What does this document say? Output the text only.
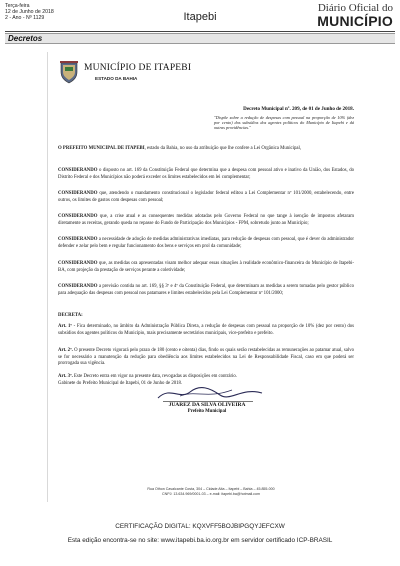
Terça-feira
12 de Junho de 2018
2 - Ano - Nº 1129	Itapebi
Diário Oficial do
MUNICÍPIO
Decretos
MUNICÍPIO DE ITAPEBI
ESTADO DA BAHIA
Decreto Municipal nº. 209, de 01 de Junho de 2018.
"Dispõe sobre a redução de despesas com pessoal na proporção de 10% (dez por cento) dos subsídios dos agentes políticos do Município de Itapebi e dá outras providências."
O PREFEITO MUNICIPAL DE ITAPEBI, estado da Bahia, no uso da atribuição que lhe confere a Lei Orgânica Municipal,
CONSIDERANDO o disposto no art. 169 da Constituição Federal que determina que a despesa com pessoal ativo e inativo da União, dos Estados, do Distrito Federal e dos Municípios não poderá exceder os limites estabelecidos em lei complementar;
CONSIDERANDO que, atendendo o mandamento constitucional o legislador federal editou a Lei Complementar nº 101/2000, estabelecendo, entre outros, os limites de gastos com despesas com pessoal;
CONSIDERANDO que, a crise atual e as consequentes medidas adotadas pelo Governo Federal no que tange à isenção de impostos afetaram diretamente as receitas, gerando queda no repasse do Fundo de Participação dos Municípios - FPM, sobretudo junto ao Município;
CONSIDERANDO a necessidade de adoção de medidas administrativas imediatas, para redução de despesas com pessoal, que é dever do administrador defender e zelar pelo bem e regular funcionamento dos bens e serviços em prol da comunidade;
CONSIDERANDO que, as medidas ora apresentadas visam melhor adequar essas situações à realidade econômico-financeira do Município de Itapebi-BA, com projeção da prestação de serviços perante a coletividade;
CONSIDERANDO a previsão contida no art. 169, §§ 3º e 4º da Constituição Federal, que determinam as medidas a serem tomadas pelo gestor público para adequação das despesas com pessoal nos patamares e limites estabelecidos pela Lei Complementar nº 101/2000;
DECRETA:
Art. 1º - Fica determinado, no âmbito da Administração Pública Direta, a redução de despesas com pessoal na proporção de 10% (dez por cento) dos subsídios dos agentes políticos do Município, mais precisamente secretários municipais, vice-prefeito e prefeito.
Art. 2º. O presente Decreto vigorará pelo prazo de 180 (cento e oitenta) dias, findo os quais serão restabelecidas as remunerações ao patamar atual, salvo se for necessário a manutenção da redução para obediência aos limites estabelecidos na Lei de Responsabilidade Fiscal, caso em que poderá ser prorrogada sua vigência.
Art. 3º. Este Decreto entra em vigor na presente data, revogadas as disposições em contrário.
Gabinete do Prefeito Municipal de Itapebi, 01 de Junho de 2018.
JUAREZ DA SILVA OLIVEIRA
Prefeito Municipal
Rua Othon Cavalcante Costa, 304 – Cidade Alta – Itapebi – Bahia – 45.855-000
CNPJ: 13.634.969/0001-03 – e-mail: itapebi.ba@hotmail.com
CERTIFICAÇÃO DIGITAL: KQXVFF5BOJBIPGQYJEFCXW
Esta edição encontra-se no site: www.itapebi.ba.io.org.br em servidor certificado ICP-BRASIL
